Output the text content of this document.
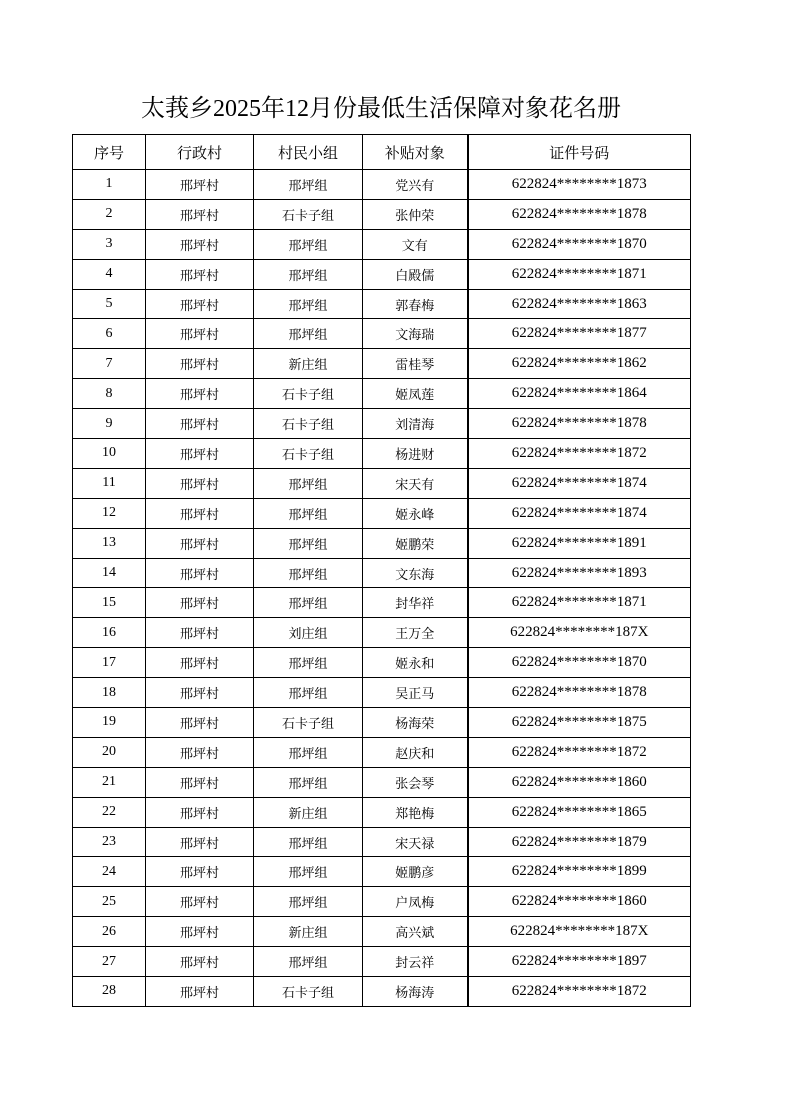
太莪乡2025年12月份最低生活保障对象花名册
序号	行政村	村民小组	补贴对象	证件号码
1	邢坪村	邢坪组	党兴有	622824********1873
2	邢坪村	石卡子组	张仲荣	622824********1878
3	邢坪村	邢坪组	文有	622824********1870
4	邢坪村	邢坪组	白殿儒	622824********1871
5	邢坪村	邢坪组	郭春梅	622824********1863
6	邢坪村	邢坪组	文海瑞	622824********1877
7	邢坪村	新庄组	雷桂琴	622824********1862
8	邢坪村	石卡子组	姬凤莲	622824********1864
9	邢坪村	石卡子组	刘清海	622824********1878
10	邢坪村	石卡子组	杨进财	622824********1872
11	邢坪村	邢坪组	宋天有	622824********1874
12	邢坪村	邢坪组	姬永峰	622824********1874
13	邢坪村	邢坪组	姬鹏荣	622824********1891
14	邢坪村	邢坪组	文东海	622824********1893
15	邢坪村	邢坪组	封华祥	622824********1871
16	邢坪村	刘庄组	王万全	622824********187X
17	邢坪村	邢坪组	姬永和	622824********1870
18	邢坪村	邢坪组	吴正马	622824********1878
19	邢坪村	石卡子组	杨海荣	622824********1875
20	邢坪村	邢坪组	赵庆和	622824********1872
21	邢坪村	邢坪组	张会琴	622824********1860
22	邢坪村	新庄组	郑艳梅	622824********1865
23	邢坪村	邢坪组	宋天禄	622824********1879
24	邢坪村	邢坪组	姬鹏彦	622824********1899
25	邢坪村	邢坪组	户凤梅	622824********1860
26	邢坪村	新庄组	高兴斌	622824********187X
27	邢坪村	邢坪组	封云祥	622824********1897
28	邢坪村	石卡子组	杨海涛	622824********1872
